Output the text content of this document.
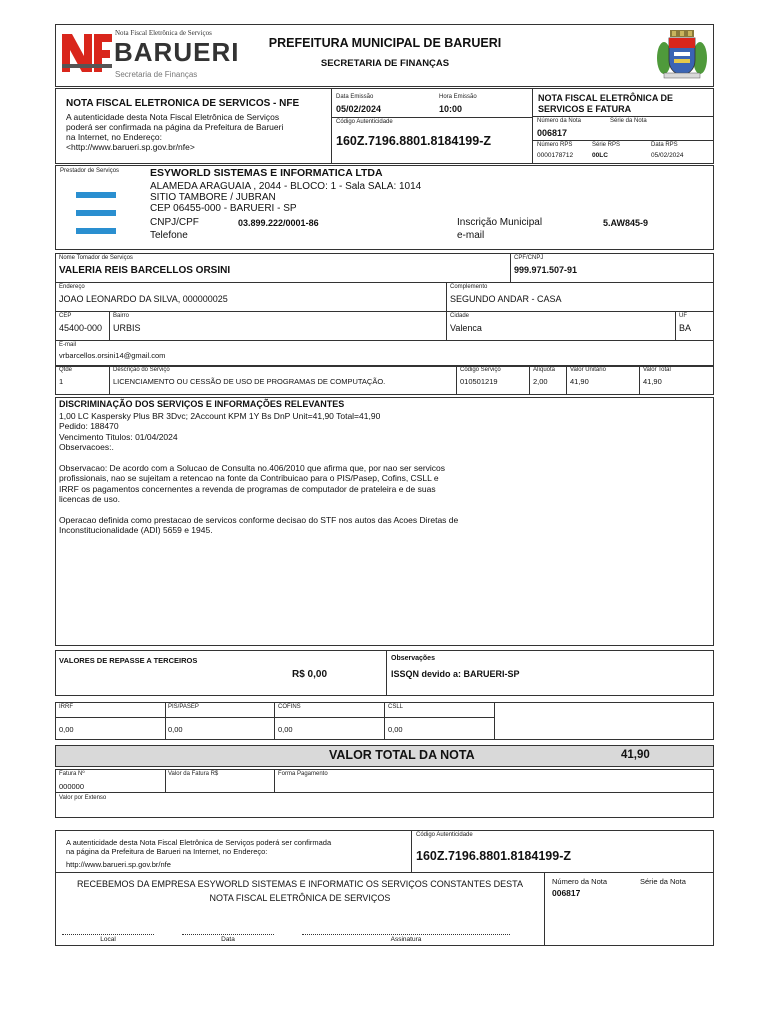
Nota Fiscal Eletrônica de Serviços
BARUERI
Secretaria de Finanças
PREFEITURA MUNICIPAL DE BARUERI
SECRETARIA DE FINANÇAS
NOTA FISCAL ELETRONICA DE SERVICOS - NFE
A autenticidade desta Nota Fiscal Eletrônica de Serviços
poderá ser confirmada na página da Prefeitura de Barueri
na Internet, no Endereço:
<http://www.barueri.sp.gov.br/nfe>
Data Emissão
05/02/2024
Hora Emissão
10:00
Código Autenticidade
160Z.7196.8801.8184199-Z
NOTA FISCAL ELETRÔNICA DE
SERVICOS E FATURA
Número da Nota	Série da Nota
006817
Número RPS	Série RPS	Data RPS
0000178712	00LC	05/02/2024
Prestador de Serviços	ESYWORLD SISTEMAS E INFORMATICA LTDA
ALAMEDA ARAGUAIA , 2044 - BLOCO: 1 - Sala SALA: 1014
SITIO TAMBORE / JUBRAN
CEP 06455-000 - BARUERI - SP
CNPJ/CPF	03.899.222/0001-86
Telefone
Inscrição Municipal	5.AW845-9
e-mail
Nome Tomador de Serviços
VALERIA REIS BARCELLOS ORSINI
CPF/CNPJ
999.971.507-91
Endereço
JOAO LEONARDO DA SILVA, 000000025
Complemento
SEGUNDO ANDAR - CASA
CEP
45400-000
Bairro
URBIS
Cidade
Valenca
UF
BA
E-mail
vrbarcellos.orsini14@gmail.com
Qtde
1
Descrição do Serviço
LICENCIAMENTO OU CESSÃO DE USO DE PROGRAMAS DE COMPUTAÇÃO.
Código Serviço
010501219
Alíquota
2,00
Valor Unitário
41,90
Valor Total
41,90
DISCRIMINAÇÃO DOS SERVIÇOS E INFORMAÇÕES RELEVANTES
1,00 LC Kaspersky Plus BR 3Dvc; 2Account KPM 1Y Bs DnP Unit=41,90 Total=41,90
Pedido: 188470
Vencimento Titulos: 01/04/2024
Observacoes:.

Observacao: De acordo com a Solucao de Consulta no.406/2010 que afirma que, por nao ser servicos
profissionais, nao se sujeitam a retencao na fonte da Contribuicao para o PIS/Pasep, Cofins, CSLL e
IRRF os pagamentos concernentes a revenda de programas de computador de prateleira e de suas
licencas de uso.

Operacao definida como prestacao de servicos conforme decisao do STF nos autos das Acoes Diretas de
Inconstitucionalidade (ADI) 5659 e 1945.
VALORES DE REPASSE A TERCEIROS
R$ 0,00
Observações
ISSQN devido a: BARUERI-SP
IRRF
0,00
PIS/PASEP
0,00
COFINS
0,00
CSLL
0,00
VALOR TOTAL DA NOTA	41,90
Fatura Nº
000000
Valor da Fatura R$	Forma Pagamento
Valor por Extenso
A autenticidade desta Nota Fiscal Eletrônica de Serviços poderá ser confirmada
na página da Prefeitura de Barueri na Internet, no Endereço:
http://www.barueri.sp.gov.br/nfe
Código Autenticidade
160Z.7196.8801.8184199-Z
RECEBEMOS DA EMPRESA ESYWORLD SISTEMAS E INFORMATIC OS SERVIÇOS CONSTANTES DESTA
NOTA FISCAL ELETRÔNICA DE SERVIÇOS
Número da Nota	Série da Nota
006817
Local	Data	Assinatura
